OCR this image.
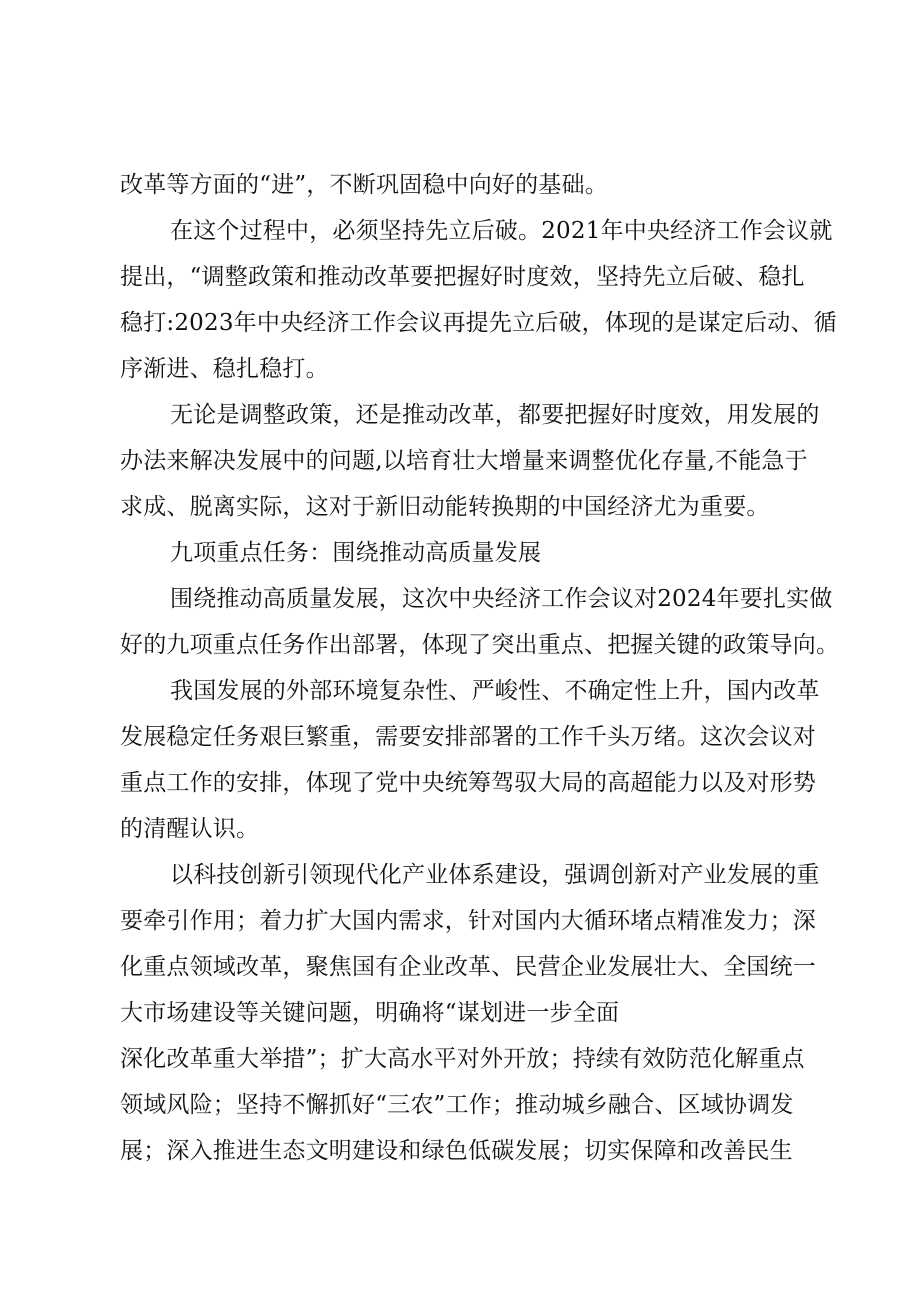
改革等方面的“进”，不断巩固稳中向好的基础。
在这个过程中，必须坚持先立后破。2021年中央经济工作会议就
提出，“调整政策和推动改革要把握好时度效，坚持先立后破、稳扎
稳打:2023年中央经济工作会议再提先立后破，体现的是谋定后动、循
序渐进、稳扎稳打。
无论是调整政策，还是推动改革，都要把握好时度效，用发展的
办法来解决发展中的问题,以培育壮大增量来调整优化存量,不能急于
求成、脱离实际，这对于新旧动能转换期的中国经济尤为重要。
九项重点任务：围绕推动高质量发展
围绕推动高质量发展，这次中央经济工作会议对2024年要扎实做
好的九项重点任务作出部署，体现了突出重点、把握关键的政策导向。
我国发展的外部环境复杂性、严峻性、不确定性上升，国内改革
发展稳定任务艰巨繁重，需要安排部署的工作千头万绪。这次会议对
重点工作的安排，体现了党中央统筹驾驭大局的高超能力以及对形势
的清醒认识。
以科技创新引领现代化产业体系建设，强调创新对产业发展的重
要牵引作用；着力扩大国内需求，针对国内大循环堵点精准发力；深
化重点领域改革，聚焦国有企业改革、民营企业发展壮大、全国统一
大市场建设等关键问题，明确将“谋划进一步全面
深化改革重大举措”；扩大高水平对外开放；持续有效防范化解重点
领域风险；坚持不懈抓好“三农”工作；推动城乡融合、区域协调发
展；深入推进生态文明建设和绿色低碳发展；切实保障和改善民生
